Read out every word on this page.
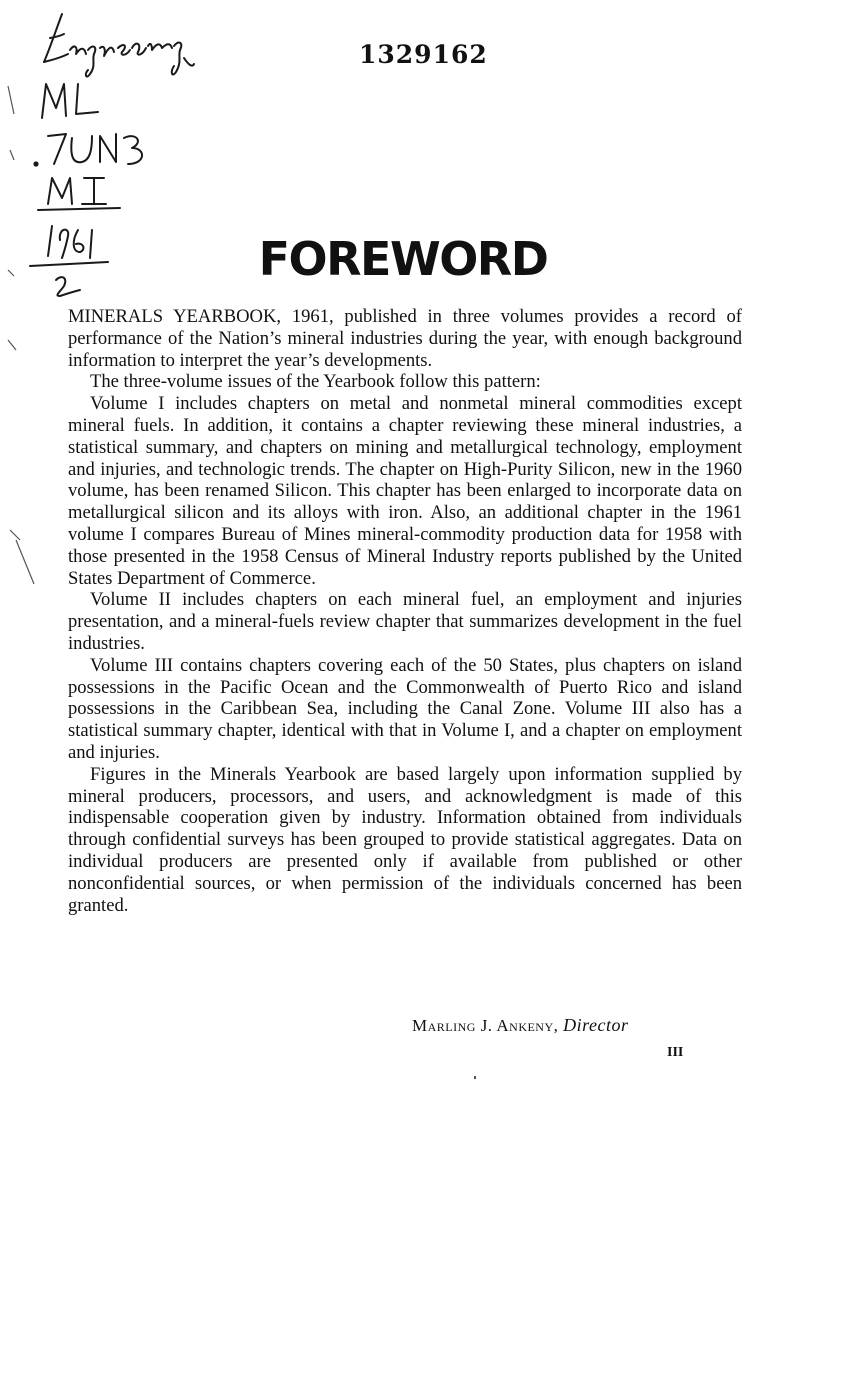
1329162
FOREWORD

MINERALS YEARBOOK, 1961, published in three volumes provides a record of performance of the Nation’s mineral industries during the year, with enough background information to interpret the year’s developments.

The three-volume issues of the Yearbook follow this pattern:

Volume I includes chapters on metal and nonmetal mineral commodities except mineral fuels. In addition, it contains a chapter reviewing these mineral industries, a statistical summary, and chapters on mining and metallurgical technology, employment and injuries, and technologic trends. The chapter on High-Purity Silicon, new in the 1960 volume, has been renamed Silicon. This chapter has been enlarged to incorporate data on metallurgical silicon and its alloys with iron. Also, an additional chapter in the 1961 volume I compares Bureau of Mines mineral-commodity production data for 1958 with those presented in the 1958 Census of Mineral Industry reports published by the United States Department of Commerce.

Volume II includes chapters on each mineral fuel, an employment and injuries presentation, and a mineral-fuels review chapter that summarizes development in the fuel industries.

Volume III contains chapters covering each of the 50 States, plus chapters on island possessions in the Pacific Ocean and the Commonwealth of Puerto Rico and island possessions in the Caribbean Sea, including the Canal Zone. Volume III also has a statistical summary chapter, identical with that in Volume I, and a chapter on employment and injuries.

Figures in the Minerals Yearbook are based largely upon information supplied by mineral producers, processors, and users, and acknowledgment is made of this indispensable cooperation given by industry. Information obtained from individuals through confidential surveys has been grouped to provide statistical aggregates. Data on individual producers are presented only if available from published or other nonconfidential sources, or when permission of the individuals concerned has been granted.

Marling J. Ankeny, Director
III
